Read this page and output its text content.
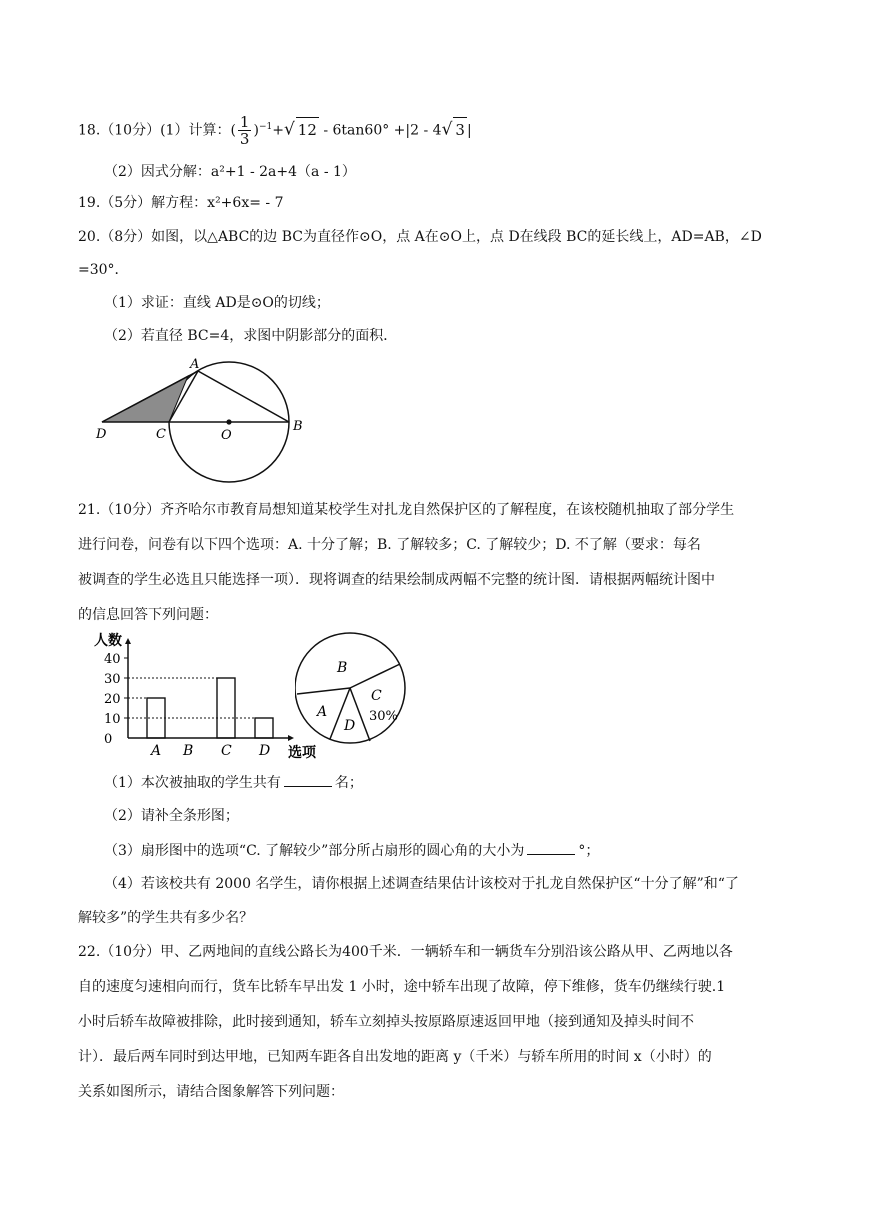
18.（10分）(1）计算：( $\frac{1}{3} )^{-1}+√$ 12 - 6tan60° +|2 - 4√ 3 |
（2）因式分解：a²+1 - 2a+4（a - 1）
19.（5分）解方程：x²+6x= - 7
20.（8分）如图，以△ABC的边 BC为直径作⊙O，点 A在⊙O上，点 D在线段 BC的延长线上，AD=AB，∠D
=30°．
（1）求证：直线 AD是⊙O的切线；
（2）若直径 BC=4，求图中阴影部分的面积．
A
D	C	O
B
21.（10分）齐齐哈尔市教育局想知道某校学生对扎龙自然保护区的了解程度，在该校随机抽取了部分学生
进行问卷，问卷有以下四个选项：A. 十分了解；B. 了解较多；C. 了解较少；D. 不了解（要求：每名
被调查的学生必选且只能选择一项）．现将调查的结果绘制成两幅不完整的统计图．请根据两幅统计图中
的信息回答下列问题：
人数
选项
0
10
20
30
40
A B C D
B
A
C
30%
D
（1）本次被抽取的学生共有	名；
（2）请补全条形图；
（3）扇形图中的选项“C. 了解较少”部分所占扇形的圆心角的大小为	°；
（4）若该校共有 2000 名学生，请你根据上述调查结果估计该校对于扎龙自然保护区“十分了解”和“了
解较多”的学生共有多少名？
22.（10分）甲、乙两地间的直线公路长为400千米．一辆轿车和一辆货车分别沿该公路从甲、乙两地以各
自的速度匀速相向而行，货车比轿车早出发 1 小时，途中轿车出现了故障，停下维修，货车仍继续行驶.1
小时后轿车故障被排除，此时接到通知，轿车立刻掉头按原路原速返回甲地（接到通知及掉头时间不
计）．最后两车同时到达甲地，已知两车距各自出发地的距离 y（千米）与轿车所用的时间 x（小时）的
关系如图所示，请结合图象解答下列问题：
